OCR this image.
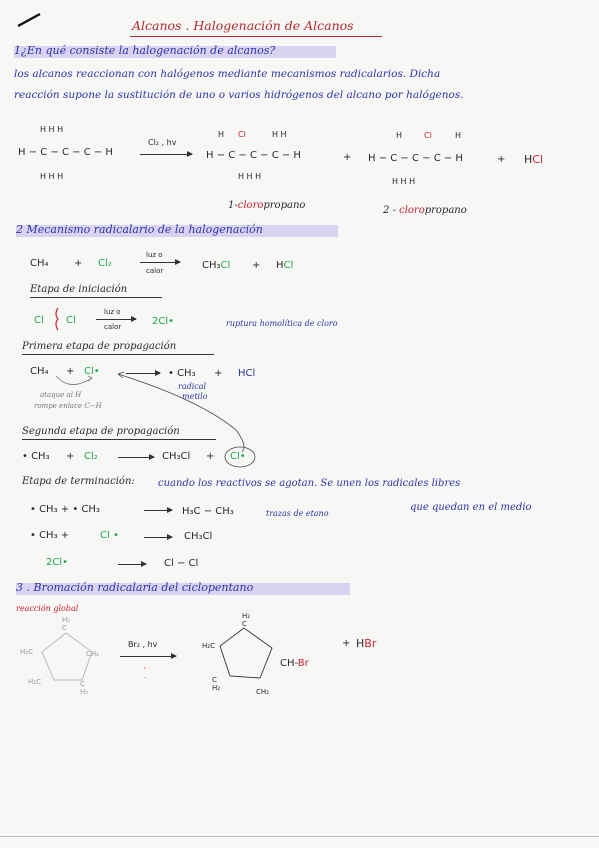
Alcanos . Halogenación de Alcanos
1¿En qué consiste la halogenación de alcanos?
los alcanos reaccionan con halógenos mediante mecanismos radicalarios. Dicha
reacción supone la sustitución de uno o varios hidrógenos del alcano por halógenos.
H H H
H − C − C − C − H
H H H
Cl₂ , hv
H Cl	H H
H − C − C − C − H
H H H
+
H	Cl	H
H − C − C − C − H
H H H
+ HCl
1-cloropropano	2 - cloropropano
2 Mecanismo radicalario de la halogenación
CH₄	+ Cl₂
luz o
calor	CH₃Cl + HCl
Etapa de iniciación
Cl Cl
luz o
calor	2Cl•	ruptura homolítica de cloro
Primera etapa de propagación
CH₄ + Cl• → • CH₃ + HCl
ataque al H
rompe enlace C−H
radical
metilo
Segunda etapa de propagación
• CH₃ + Cl₂ → CH₃Cl + Cl•
Etapa de terminación: cuando los reactivos se agotan. Se unen los radicales libres
que quedan en el medio
• CH₃ + • CH₃	→ H₃C − CH₃	trazas de etano
• CH₃ +	Cl • → CH₃Cl
2Cl•	→ Cl − Cl
3 . Bromación radicalaria del ciclopentano
reacción global
H₂
C
H₂C	CH₂
H₂C	C
H₂
Br₂ , hv
'
·
H₂
C
H₂C
CH-Br
C
H₂	CH₂
+ HBr
